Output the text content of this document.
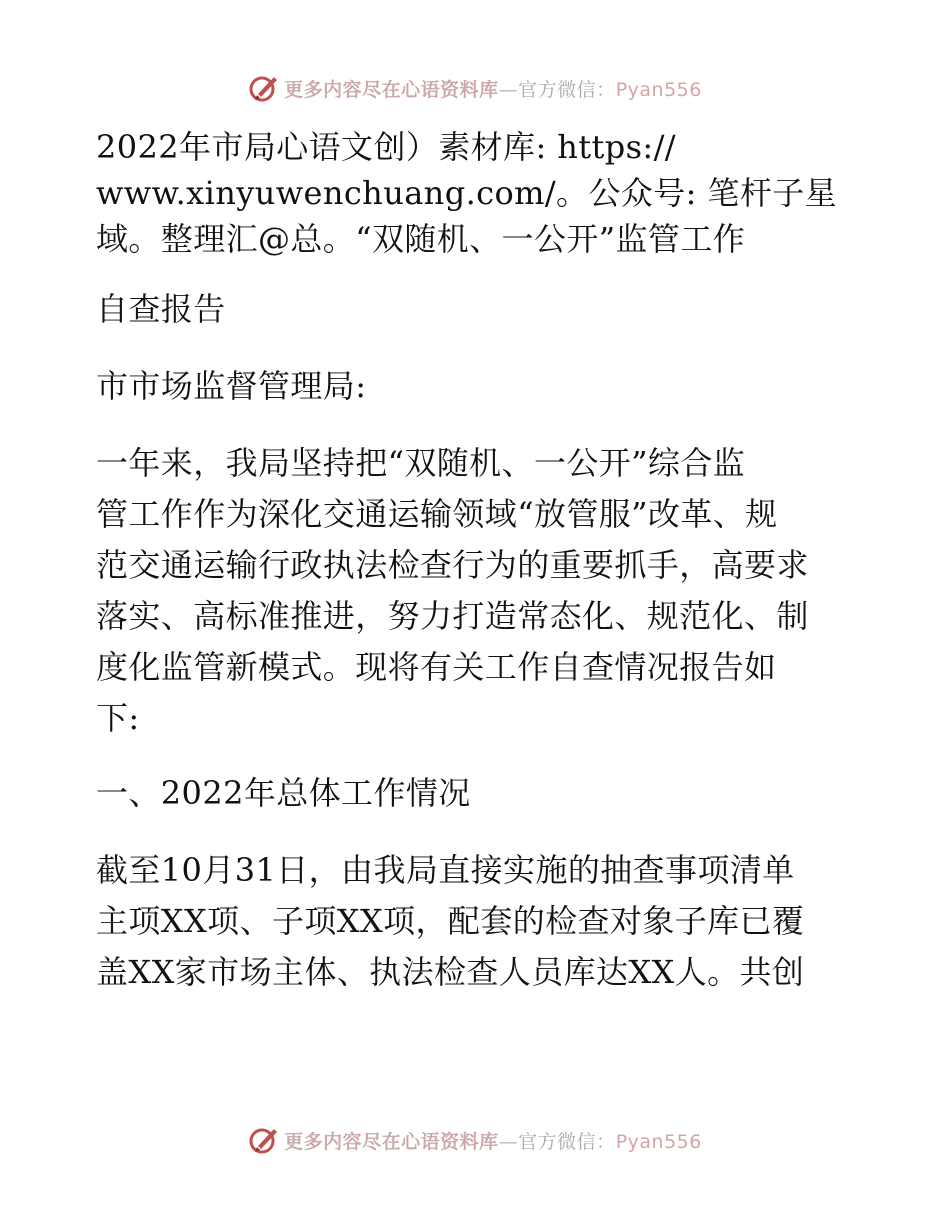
更多内容尽在心语资料库—官方微信：Pyan556
2022年市局心语文创）素材库: https://
www.xinyuwenchuang.com/。公众号: 笔杆子星
域。整理汇@总。“双随机、一公开”监管工作
自查报告
市市场监督管理局:
一年来，我局坚持把“双随机、一公开”综合监
管工作作为深化交通运输领域“放管服”改革、规
范交通运输行政执法检查行为的重要抓手，高要求
落实、高标准推进，努力打造常态化、规范化、制
度化监管新模式。现将有关工作自查情况报告如
下:
一、2022年总体工作情况
截至10月31日，由我局直接实施的抽查事项清单
主项XX项、子项XX项，配套的检查对象子库已覆
盖XX家市场主体、执法检查人员库达XX人。共创
更多内容尽在心语资料库—官方微信：Pyan556
